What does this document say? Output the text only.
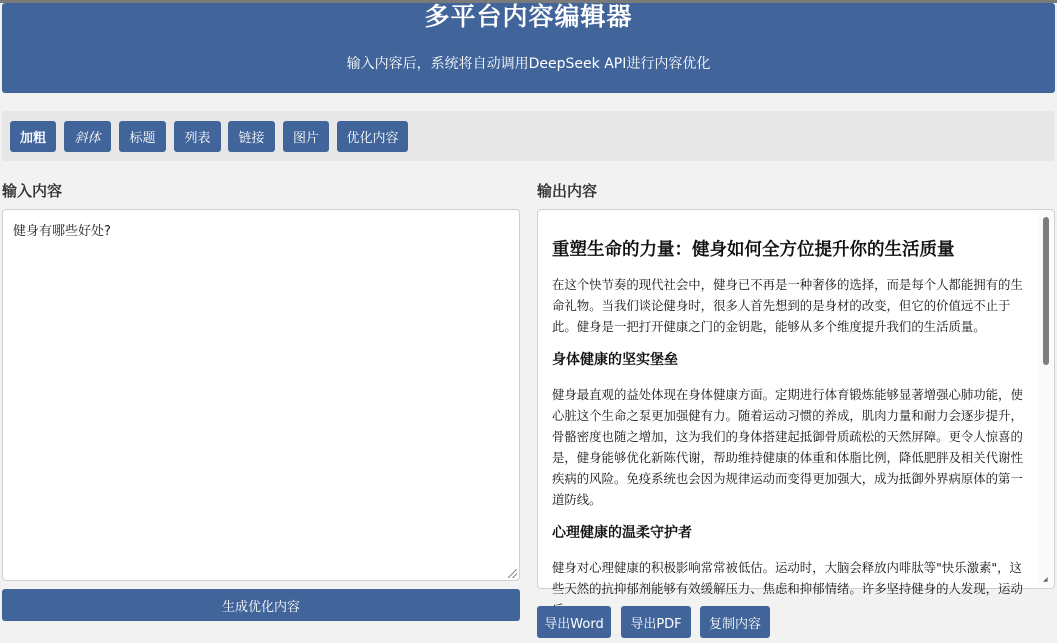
多平台内容编辑器

输入内容后，系统将自动调用DeepSeek API进行内容优化

加粗	斜体	标题	列表	链接	图片	优化内容
输入内容	输出内容
健身有哪些好处?
生成优化内容
重塑生命的力量：健身如何全方位提升你的生活质量

在这个快节奏的现代社会中，健身已不再是一种奢侈的选择，而是每个人都能拥有的生命礼物。当我们谈论健身时，很多人首先想到的是身材的改变，但它的价值远不止于此。健身是一把打开健康之门的金钥匙，能够从多个维度提升我们的生活质量。

身体健康的坚实堡垒

健身最直观的益处体现在身体健康方面。定期进行体育锻炼能够显著增强心肺功能，使心脏这个生命之泵更加强健有力。随着运动习惯的养成，肌肉力量和耐力会逐步提升，骨骼密度也随之增加，这为我们的身体搭建起抵御骨质疏松的天然屏障。更令人惊喜的是，健身能够优化新陈代谢，帮助维持健康的体重和体脂比例，降低肥胖及相关代谢性疾病的风险。免疫系统也会因为规律运动而变得更加强大，成为抵御外界病原体的第一道防线。

心理健康的温柔守护者

健身对心理健康的积极影响常常被低估。运动时，大脑会释放内啡肽等"快乐激素"，这些天然的抗抑郁剂能够有效缓解压力、焦虑和抑郁情绪。许多坚持健身的人发现，运动

◢
导出Word	导出PDF	复制内容
